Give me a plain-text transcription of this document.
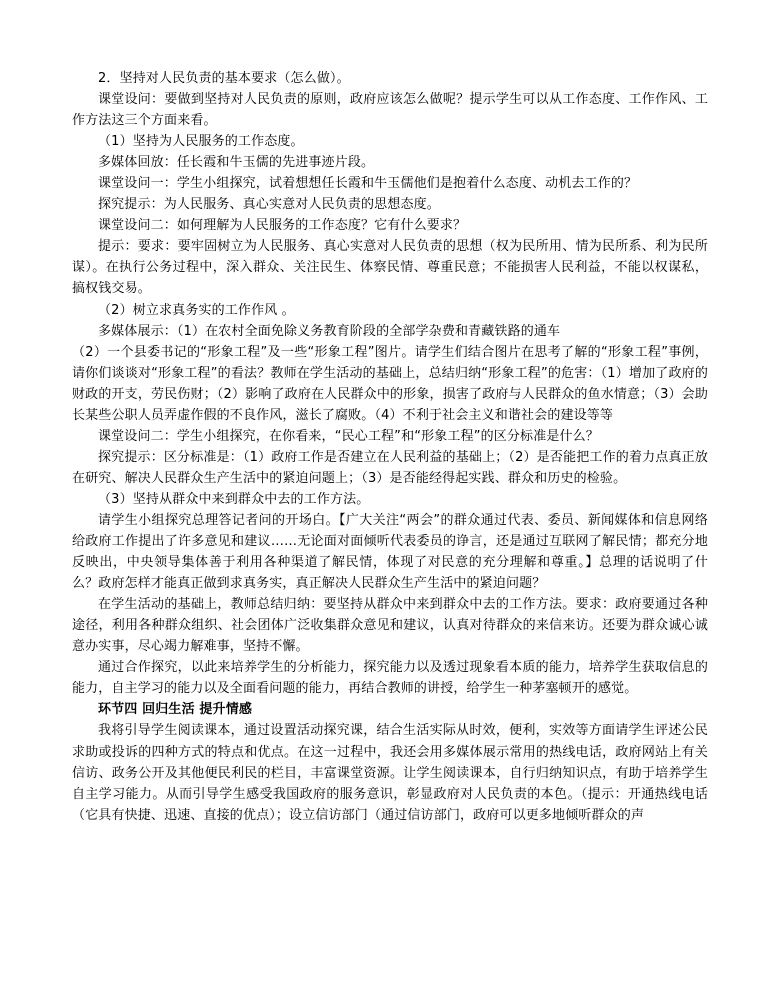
2．坚持对人民负责的基本要求（怎么做）。

课堂设问：要做到坚持对人民负责的原则，政府应该怎么做呢？提示学生可以从工作态度、工作作风、工作方法这三个方面来看。

（1）坚持为人民服务的工作态度。

多媒体回放：任长霞和牛玉儒的先进事迹片段。

课堂设问一：学生小组探究，试着想想任长霞和牛玉儒他们是抱着什么态度、动机去工作的？

探究提示：为人民服务、真心实意对人民负责的思想态度。

课堂设问二：如何理解为人民服务的工作态度？它有什么要求？

提示：要求：要牢固树立为人民服务、真心实意对人民负责的思想（权为民所用、情为民所系、利为民所谋）。在执行公务过程中，深入群众、关注民生、体察民情、尊重民意；不能损害人民利益，不能以权谋私，搞权钱交易。

（2）树立求真务实的工作作风 。

多媒体展示：（1）在农村全面免除义务教育阶段的全部学杂费和青藏铁路的通车

（2）一个县委书记的“形象工程”及一些“形象工程”图片。请学生们结合图片在思考了解的“形象工程”事例，请你们谈谈对“形象工程”的看法？教师在学生活动的基础上，总结归纳“形象工程”的危害：（1）增加了政府的财政的开支，劳民伤财；（2）影响了政府在人民群众中的形象，损害了政府与人民群众的鱼水情意；（3）会助长某些公职人员弄虚作假的不良作风，滋长了腐败。（4）不利于社会主义和谐社会的建设等等

课堂设问二：学生小组探究，在你看来，“民心工程”和“形象工程”的区分标准是什么？

探究提示：区分标准是：（1）政府工作是否建立在人民利益的基础上；（2）是否能把工作的着力点真正放在研究、解决人民群众生产生活中的紧迫问题上；（3）是否能经得起实践、群众和历史的检验。

（3）坚持从群众中来到群众中去的工作方法。

请学生小组探究总理答记者问的开场白。【广大关注“两会”的群众通过代表、委员、新闻媒体和信息网络给政府工作提出了许多意见和建议……无论面对面倾听代表委员的诤言，还是通过互联网了解民情；都充分地反映出，中央领导集体善于利用各种渠道了解民情，体现了对民意的充分理解和尊重。】总理的话说明了什么？政府怎样才能真正做到求真务实，真正解决人民群众生产生活中的紧迫问题？

在学生活动的基础上，教师总结归纳：要坚持从群众中来到群众中去的工作方法。要求：政府要通过各种途径，利用各种群众组织、社会团体广泛收集群众意见和建议，认真对待群众的来信来访。还要为群众诚心诚意办实事，尽心竭力解难事，坚持不懈。

通过合作探究，以此来培养学生的分析能力，探究能力以及透过现象看本质的能力，培养学生获取信息的能力，自主学习的能力以及全面看问题的能力，再结合教师的讲授，给学生一种茅塞顿开的感觉。

环节四 回归生活 提升情感

我将引导学生阅读课本，通过设置活动探究课，结合生活实际从时效，便利，实效等方面请学生评述公民求助或投诉的四种方式的特点和优点。在这一过程中，我还会用多媒体展示常用的热线电话，政府网站上有关信访、政务公开及其他便民利民的栏目，丰富课堂资源。让学生阅读课本，自行归纳知识点，有助于培养学生自主学习能力。从而引导学生感受我国政府的服务意识，彰显政府对人民负责的本色。（提示：开通热线电话（它具有快捷、迅速、直接的优点）；设立信访部门（通过信访部门，政府可以更多地倾听群众的声
